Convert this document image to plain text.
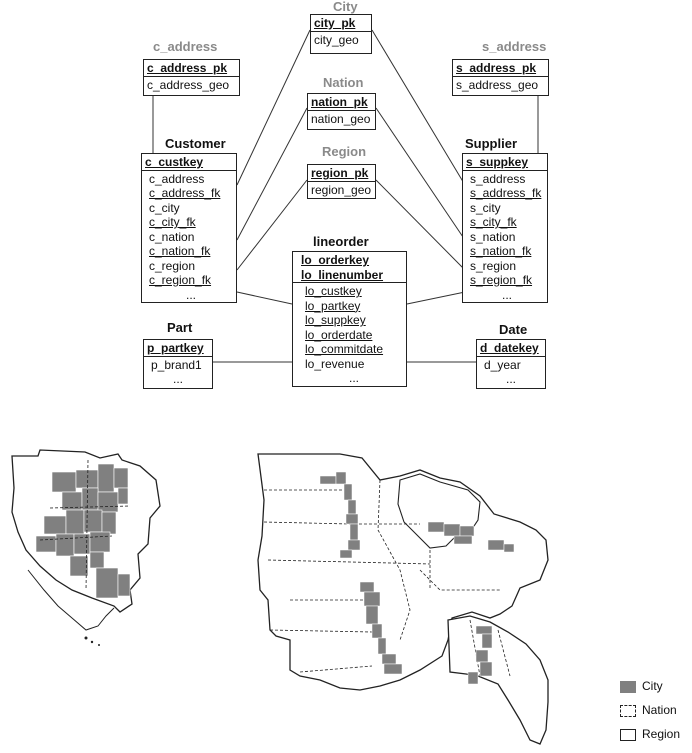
City
city_pk
city_geo
Nation
nation_pk
nation_geo
Region
region_pk
region_geo
c_address
c_address_pk
c_address_geo
s_address
s_address_pk
s_address_geo
Customer
c_custkey
c_address
c_address_fk
c_city
c_city_fk
c_nation
c_nation_fk
c_region
c_region_fk
...
Supplier
s_suppkey
s_address
s_address_fk
s_city
s_city_fk
s_nation
s_nation_fk
s_region
s_region_fk
...
lineorder
lo_orderkey
lo_linenumber
lo_custkey
lo_partkey
lo_suppkey
lo_orderdate
lo_commitdate
lo_revenue
...
Part
p_partkey
p_brand1
...
Date
d_datekey
d_year
...
City
Nation
Region
